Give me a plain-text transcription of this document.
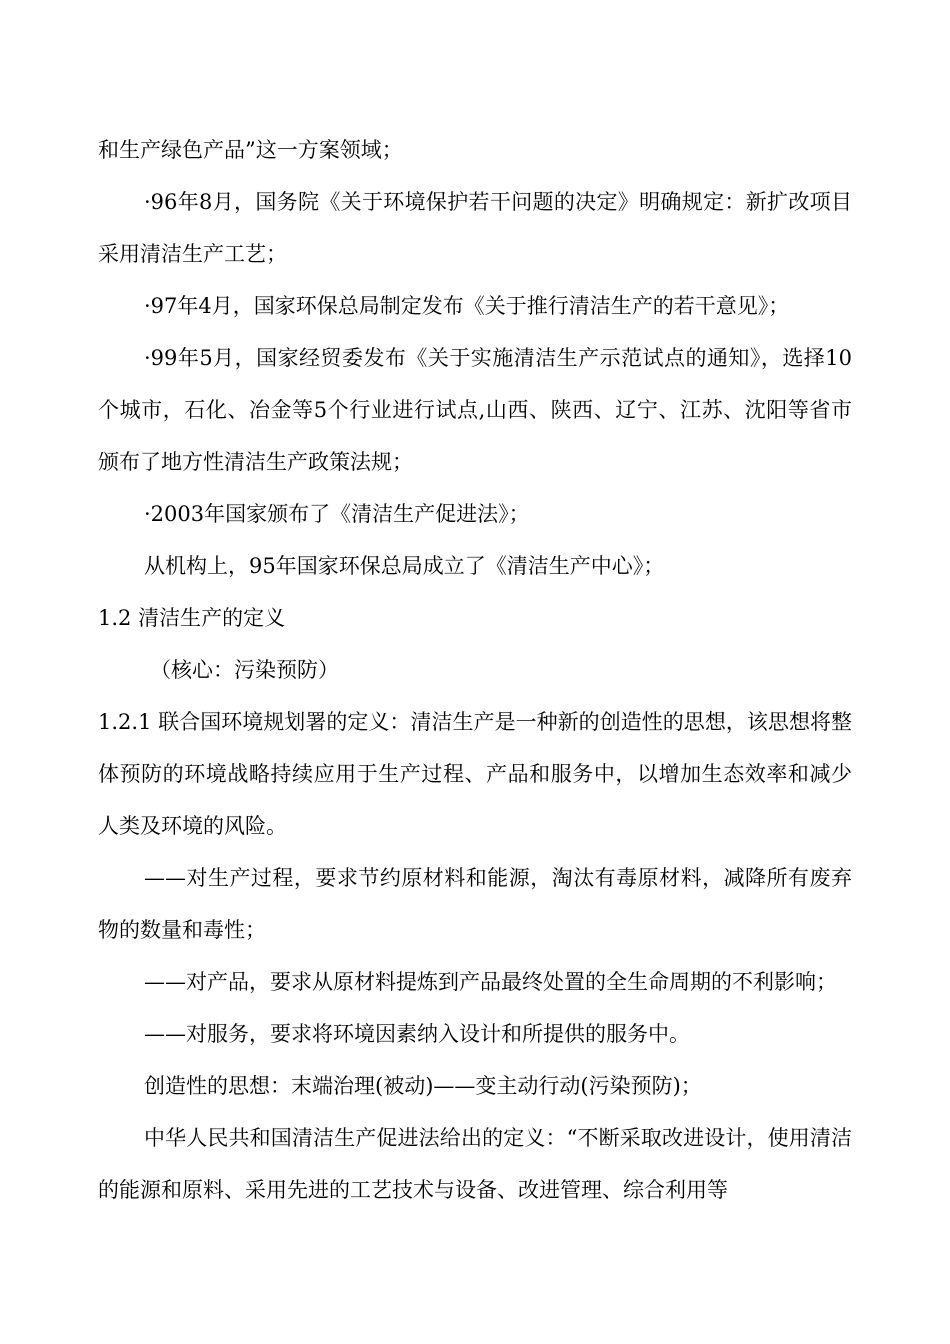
和生产绿色产品”这一方案领域；

·96年8月，国务院《关于环境保护若干问题的决定》明确规定：新扩改项目采用清洁生产工艺；

·97年4月，国家环保总局制定发布《关于推行清洁生产的若干意见》；

·99年5月，国家经贸委发布《关于实施清洁生产示范试点的通知》，选择10个城市，石化、冶金等5个行业进行试点,山西、陕西、辽宁、江苏、沈阳等省市颁布了地方性清洁生产政策法规；

·2003年国家颁布了《清洁生产促进法》；

从机构上，95年国家环保总局成立了《清洁生产中心》；

1.2 清洁生产的定义

（核心：污染预防）

1.2.1 联合国环境规划署的定义：清洁生产是一种新的创造性的思想，该思想将整体预防的环境战略持续应用于生产过程、产品和服务中，以增加生态效率和减少人类及环境的风险。

——对生产过程，要求节约原材料和能源，淘汰有毒原材料，减降所有废弃物的数量和毒性；

——对产品，要求从原材料提炼到产品最终处置的全生命周期的不利影响；

——对服务，要求将环境因素纳入设计和所提供的服务中。

创造性的思想：末端治理(被动)——变主动行动(污染预防)；

中华人民共和国清洁生产促进法给出的定义：“不断采取改进设计，使用清洁的能源和原料、采用先进的工艺技术与设备、改进管理、综合利用等
